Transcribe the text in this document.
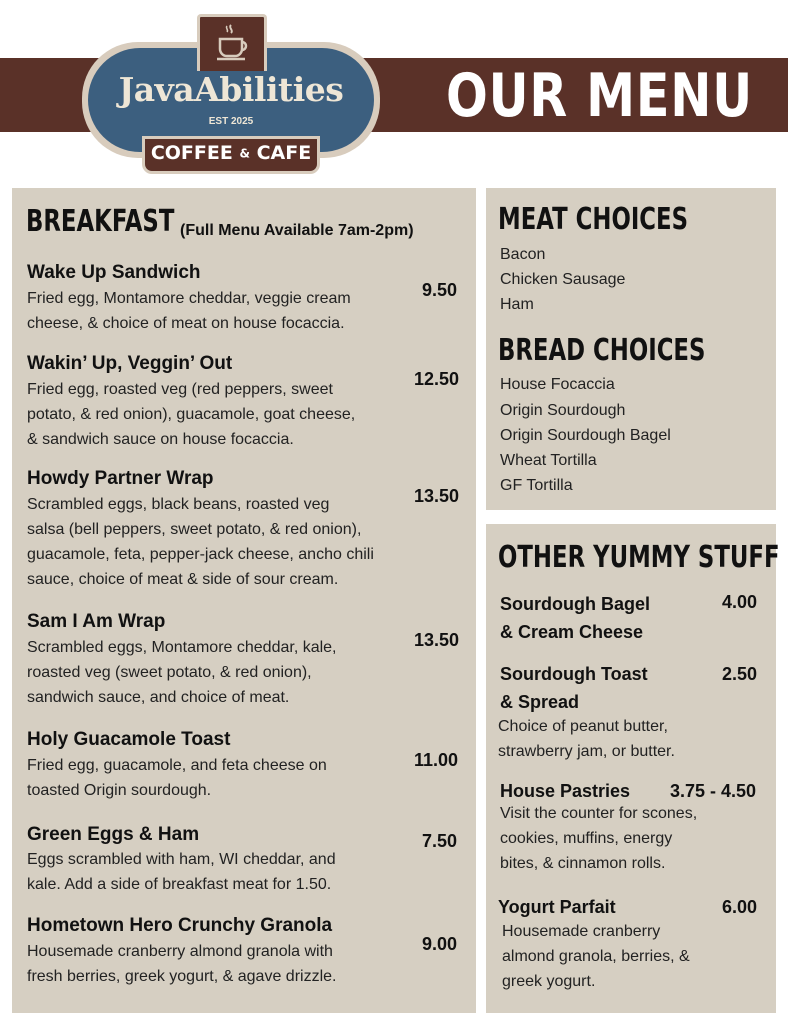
OUR MENU
JavaAbilities
EST 2025
COFFEE & CAFE
BREAKFAST (Full Menu Available 7am-2pm)
Wake Up Sandwich
9.50
Fried egg, Montamore cheddar, veggie cream
cheese, & choice of meat on house focaccia.
Wakin’ Up, Veggin’ Out
12.50
Fried egg, roasted veg (red peppers, sweet
potato, & red onion), guacamole, goat cheese,
& sandwich sauce on house focaccia.
Howdy Partner Wrap
13.50
Scrambled eggs, black beans, roasted veg
salsa (bell peppers, sweet potato, & red onion),
guacamole, feta, pepper-jack cheese, ancho chili
sauce, choice of meat & side of sour cream.
Sam I Am Wrap
13.50
Scrambled eggs, Montamore cheddar, kale,
roasted veg (sweet potato, & red onion),
sandwich sauce, and choice of meat.
Holy Guacamole Toast
11.00
Fried egg, guacamole, and feta cheese on
toasted Origin sourdough.
Green Eggs & Ham	7.50
Eggs scrambled with ham, WI cheddar, and
kale. Add a side of breakfast meat for 1.50.
Hometown Hero Crunchy Granola
9.00
Housemade cranberry almond granola with
fresh berries, greek yogurt, & agave drizzle.
MEAT CHOICES
Bacon
Chicken Sausage
Ham
BREAD CHOICES
House Focaccia
Origin Sourdough
Origin Sourdough Bagel
Wheat Tortilla
GF Tortilla
OTHER YUMMY STUFF
Sourdough Bagel
& Cream Cheese
4.00
Sourdough Toast
& Spread
2.50
Choice of peanut butter,
strawberry jam, or butter.
House Pastries 3.75 - 4.50
Visit the counter for scones,
cookies, muffins, energy
bites, & cinnamon rolls.
Yogurt Parfait	6.00
Housemade cranberry
almond granola, berries, &
greek yogurt.
